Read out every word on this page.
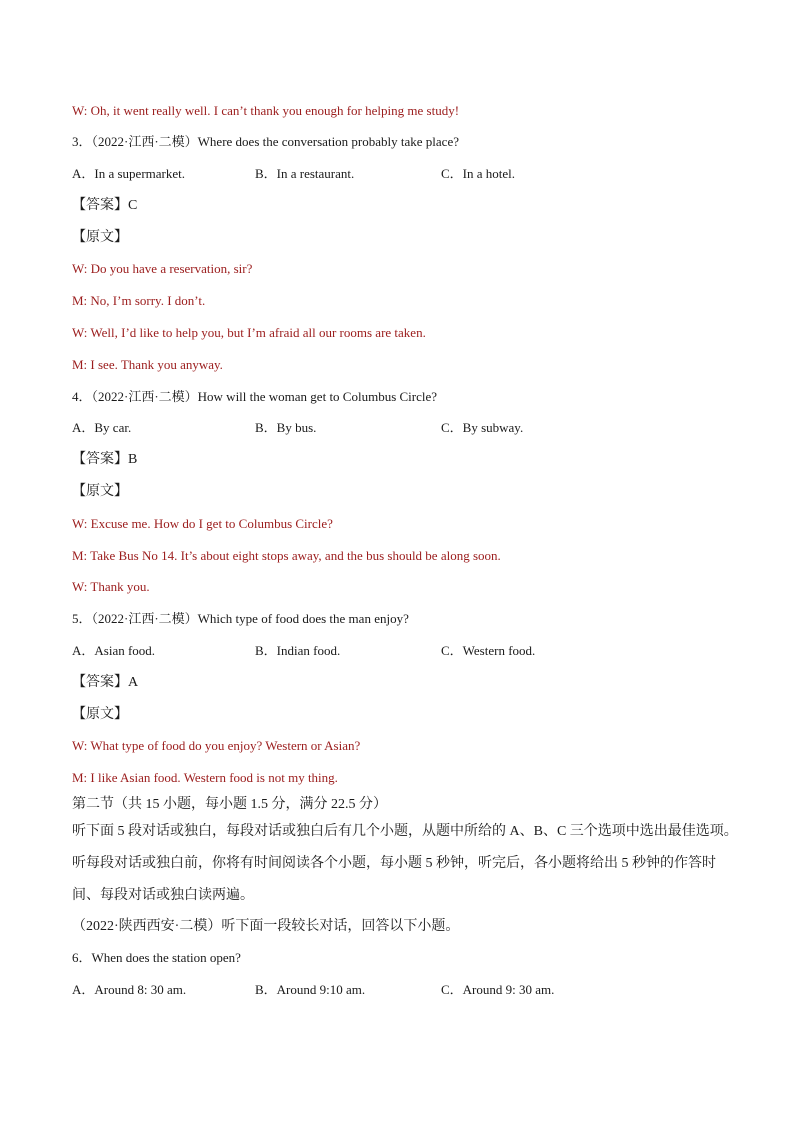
W: Oh, it went really well. I can’t thank you enough for helping me study!
3．（2022·江西·二模）Where does the conversation probably take place?
A．In a supermarket.	B．In a restaurant.	C．In a hotel.
【答案】C
【原文】
W: Do you have a reservation, sir?
M: No, I’m sorry. I don’t.
W: Well, I’d like to help you, but I’m afraid all our rooms are taken.
M: I see. Thank you anyway.
4．（2022·江西·二模）How will the woman get to Columbus Circle?
A．By car.	B．By bus.	C．By subway.
【答案】B
【原文】
W: Excuse me. How do I get to Columbus Circle?
M: Take Bus No 14. It’s about eight stops away, and the bus should be along soon.
W: Thank you.
5．（2022·江西·二模）Which type of food does the man enjoy?
A．Asian food.	B．Indian food.	C．Western food.
【答案】A
【原文】
W: What type of food do you enjoy? Western or Asian?
M: I like Asian food. Western food is not my thing.
第二节（共 15 小题，每小题 1.5 分，满分 22.5 分）
听下面 5 段对话或独白，每段对话或独白后有几个小题，从题中所给的 A、B、C 三个选项中选出最佳选项。
听每段对话或独白前，你将有时间阅读各个小题，每小题 5 秒钟，听完后，各小题将给出 5 秒钟的作答时
间、每段对话或独白读两遍。
（2022·陕西西安·二模）听下面一段较长对话，回答以下小题。
6．When does the station open?
A．Around 8: 30 am.	B．Around 9:10 am.	C．Around 9: 30 am.
